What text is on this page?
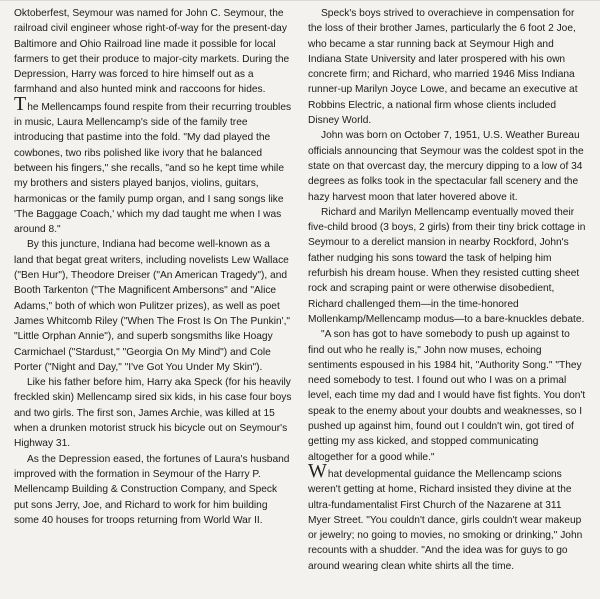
Oktoberfest, Seymour was named for John C. Seymour, the railroad civil engineer whose right-of-way for the present-day Baltimore and Ohio Railroad line made it possible for local farmers to get their produce to major-city markets. During the Depression, Harry was forced to hire himself out as a farmhand and also hunted mink and raccoons for hides.

The Mellencamps found respite from their recurring troubles in music, Laura Mellencamp's side of the family tree introducing that pastime into the fold. "My dad played the cowbones, two ribs polished like ivory that he balanced between his fingers," she recalls, "and so he kept time while my brothers and sisters played banjos, violins, guitars, harmonicas or the family pump organ, and I sang songs like 'The Baggage Coach,' which my dad taught me when I was around 8."

By this juncture, Indiana had become well-known as a land that begat great writers, including novelists Lew Wallace ("Ben Hur"), Theodore Dreiser ("An American Tragedy"), and Booth Tarkenton ("The Magnificent Ambersons" and "Alice Adams," both of which won Pulitzer prizes), as well as poet James Whitcomb Riley ("When The Frost Is On The Punkin'," "Little Orphan Annie"), and superb songsmiths like Hoagy Carmichael ("Stardust," "Georgia On My Mind") and Cole Porter ("Night and Day," "I've Got You Under My Skin").

Like his father before him, Harry aka Speck (for his heavily freckled skin) Mellencamp sired six kids, in his case four boys and two girls. The first son, James Archie, was killed at 15 when a drunken motorist struck his bicycle out on Seymour's Highway 31.

As the Depression eased, the fortunes of Laura's husband improved with the formation in Seymour of the Harry P. Mellencamp Building & Construction Company, and Speck put sons Jerry, Joe, and Richard to work for him building some 40 houses for troops returning from World War II.

Speck's boys strived to overachieve in compensation for the loss of their brother James, particularly the 6 foot 2 Joe, who became a star running back at Seymour High and Indiana State University and later prospered with his own concrete firm; and Richard, who married 1946 Miss Indiana runner-up Marilyn Joyce Lowe, and became an executive at Robbins Electric, a national firm whose clients included Disney World.

John was born on October 7, 1951, U.S. Weather Bureau officials announcing that Seymour was the coldest spot in the state on that overcast day, the mercury dipping to a low of 34 degrees as folks took in the spectacular fall scenery and the hazy harvest moon that later hovered above it.

Richard and Marilyn Mellencamp eventually moved their five-child brood (3 boys, 2 girls) from their tiny brick cottage in Seymour to a derelict mansion in nearby Rockford, John's father nudging his sons toward the task of helping him refurbish his dream house. When they resisted cutting sheet rock and scraping paint or were otherwise disobedient, Richard challenged them—in the time-honored Mollenkamp/Mellencamp modus—to a bare-knuckles debate.

"A son has got to have somebody to push up against to find out who he really is," John now muses, echoing sentiments espoused in his 1984 hit, "Authority Song." "They need somebody to test. I found out who I was on a primal level, each time my dad and I would have fist fights. You don't speak to the enemy about your doubts and weaknesses, so I pushed up against him, found out I couldn't win, got tired of getting my ass kicked, and stopped communicating altogether for a good while."

What developmental guidance the Mellencamp scions weren't getting at home, Richard insisted they divine at the ultra-fundamentalist First Church of the Nazarene at 311 Myer Street. "You couldn't dance, girls couldn't wear makeup or jewelry; no going to movies, no smoking or drinking," John recounts with a shudder. "And the idea was for guys to go around wearing clean white shirts all the time.
